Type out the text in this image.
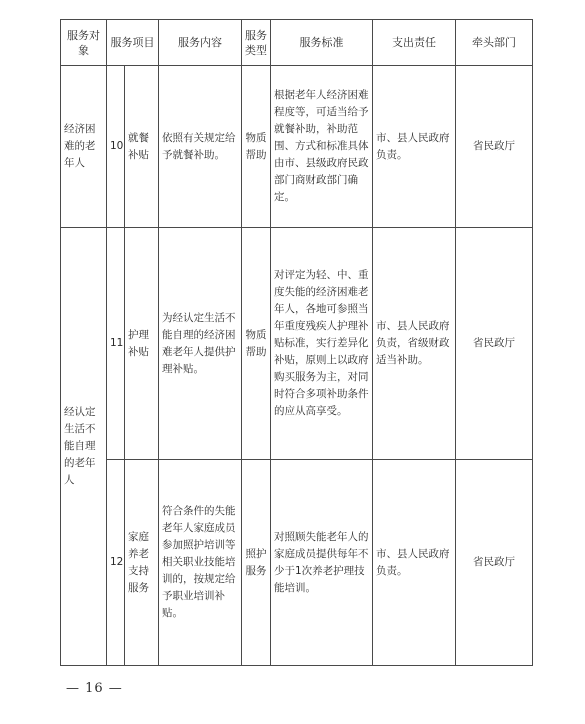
服务对象	服务项目		服务内容	服务类型	服务标准	支出责任	牵头部门
经济困难的老年人	10	就餐补贴	依照有关规定给予就餐补助。	物质帮助	根据老年人经济困难程度等，可适当给予就餐补助，补助范围、方式和标准具体由市、县级政府民政部门商财政部门确定。	市、县人民政府负责。	省民政厅
经认定生活不能自理的老年人	11	护理补贴	为经认定生活不能自理的经济困难老年人提供护理补贴。	物质帮助	对评定为轻、中、重度失能的经济困难老年人，各地可参照当年重度残疾人护理补贴标准，实行差异化补贴，原则上以政府购买服务为主，对同时符合多项补助条件的应从高享受。	市、县人民政府负责，省级财政适当补助。	省民政厅
	12	家庭养老支持服务	符合条件的失能老年人家庭成员参加照护培训等相关职业技能培训的，按规定给予职业培训补贴。	照护服务	对照顾失能老年人的家庭成员提供每年不少于1次养老护理技能培训。	市、县人民政府负责。	省民政厅
— 16 —
